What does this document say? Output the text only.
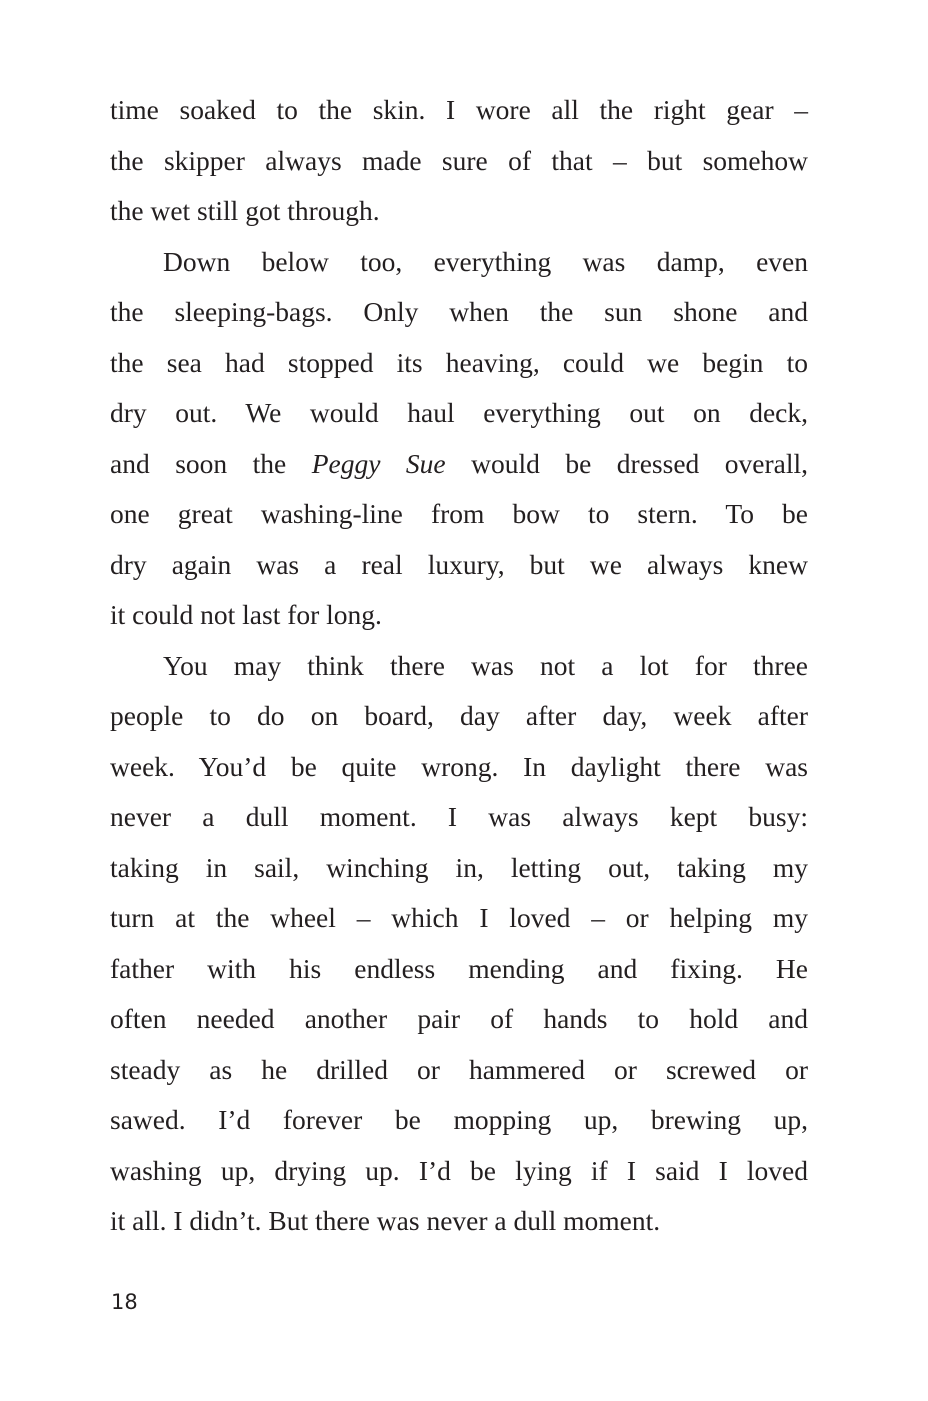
time soaked to the skin. I wore all the right gear –
the skipper always made sure of that – but somehow
the wet still got through.
Down below too, everything was damp, even
the sleeping-bags. Only when the sun shone and
the sea had stopped its heaving, could we begin to
dry out. We would haul everything out on deck,
and soon the Peggy Sue would be dressed overall,
one great washing-line from bow to stern. To be
dry again was a real luxury, but we always knew
it could not last for long.
You may think there was not a lot for three
people to do on board, day after day, week after
week. You’d be quite wrong. In daylight there was
never a dull moment. I was always kept busy:
taking in sail, winching in, letting out, taking my
turn at the wheel – which I loved – or helping my
father with his endless mending and fixing. He
often needed another pair of hands to hold and
steady as he drilled or hammered or screwed or
sawed. I’d forever be mopping up, brewing up,
washing up, drying up. I’d be lying if I said I loved
it all. I didn’t. But there was never a dull moment.
18
